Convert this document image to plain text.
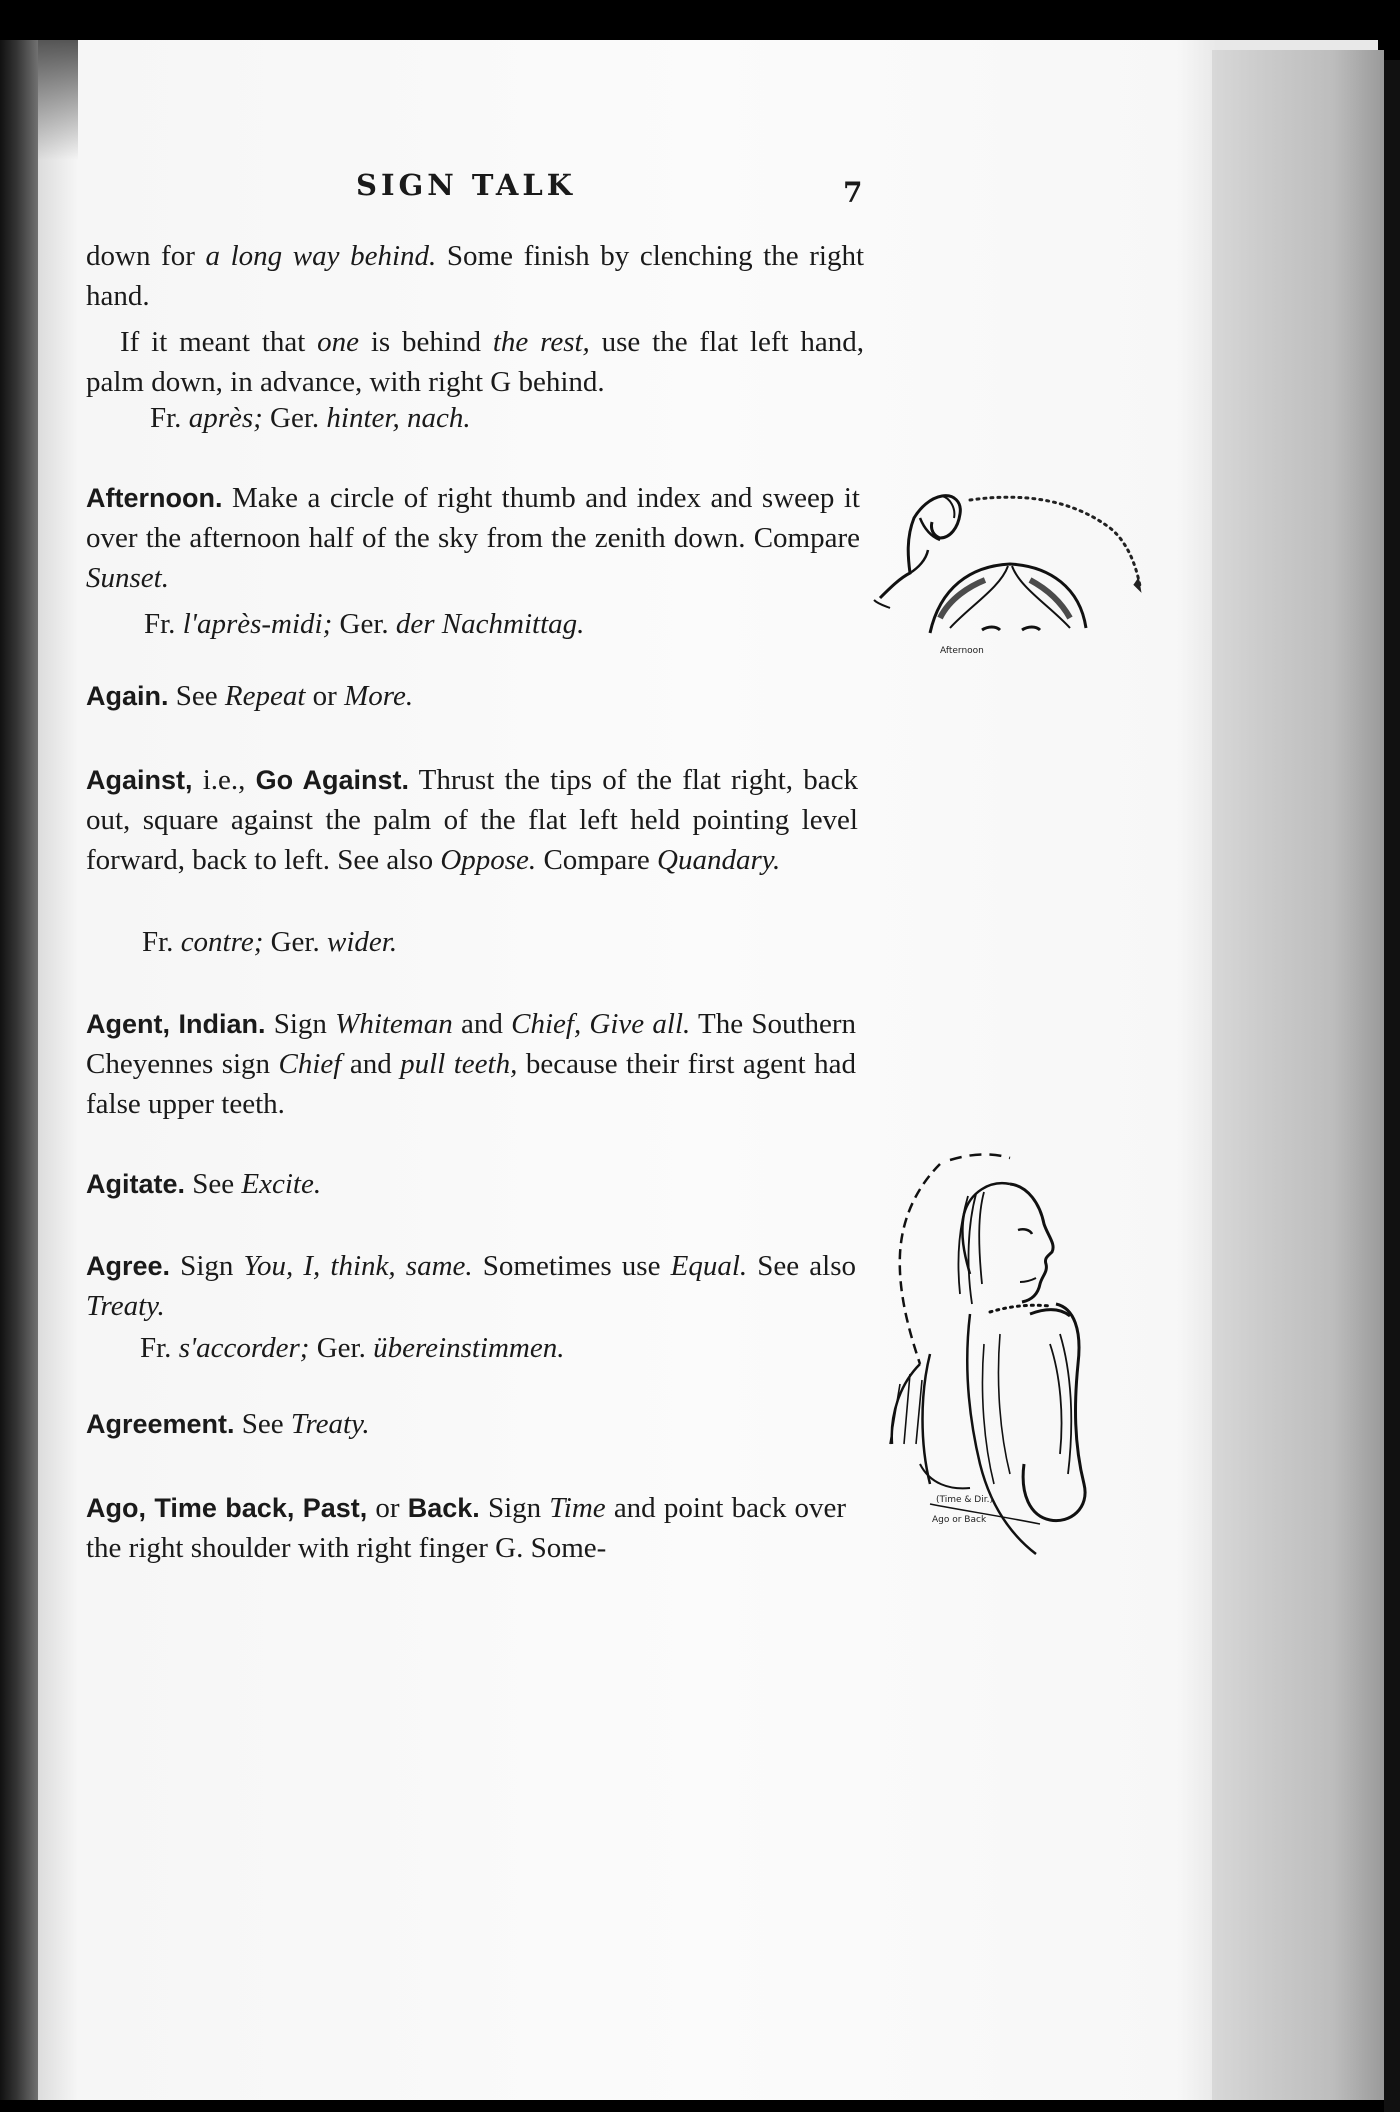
SIGN TALK	7

down for a long way behind. Some finish by clenching the right hand.

If it meant that one is behind the rest, use the flat left hand, palm down, in advance, with right G behind.

Fr. après; Ger. hinter, nach.

Afternoon. Make a circle of right thumb and index and sweep it over the afternoon half of the sky from the zenith down. Compare Sunset.

Fr. l'après-midi; Ger. der Nachmittag.
Afternoon

Again. See Repeat or More.

Against, i.e., Go Against. Thrust the tips of the flat right, back out, square against the palm of the flat left held pointing level forward, back to left. See also Oppose. Compare Quandary.

Fr. contre; Ger. wider.

Agent, Indian. Sign Whiteman and Chief, Give all. The Southern Cheyennes sign Chief and pull teeth, because their first agent had false upper teeth.

Agitate. See Excite.

Agree. Sign You, I, think, same. Sometimes use Equal. See also Treaty.

Fr. s'accorder; Ger. übereinstimmen.

Agreement. See Treaty.

Ago, Time back, Past, or Back. Sign Time and point back over the right shoulder with right finger G. Some-

(Time & Dir.)
Ago or Back
